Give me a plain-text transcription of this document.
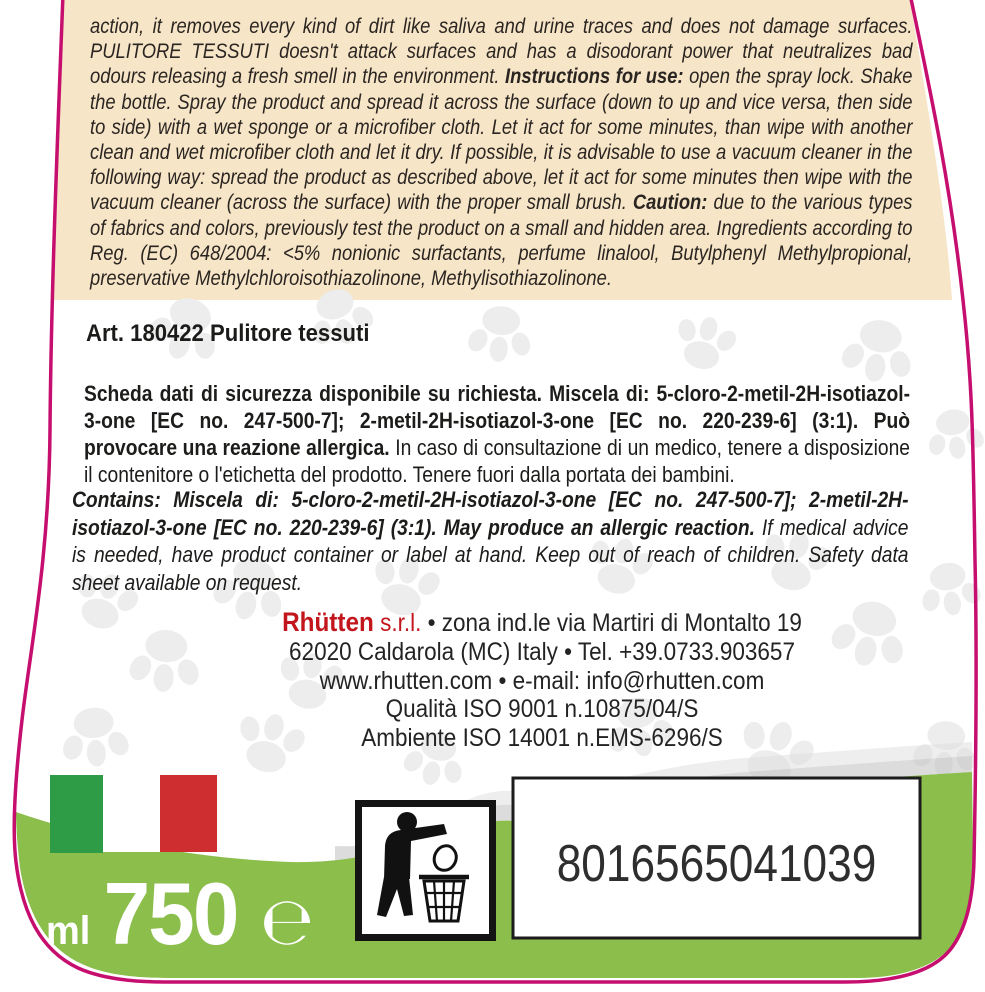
action, it removes every kind of dirt like saliva and urine traces and does not damage surfaces. PULITORE TESSUTI doesn't attack surfaces and has a disodorant power that neutralizes bad odours releasing a fresh smell in the environment. Instructions for use: open the spray lock. Shake the bottle. Spray the product and spread it across the surface (down to up and vice versa, then side to side) with a wet sponge or a microfiber cloth. Let it act for some minutes, than wipe with another clean and wet microfiber cloth and let it dry. If possible, it is advisable to use a vacuum cleaner in the following way: spread the product as described above, let it act for some minutes then wipe with the vacuum cleaner (across the surface) with the proper small brush. Caution: due to the various types of fabrics and colors, previously test the product on a small and hidden area. Ingredients according to Reg. (EC) 648/2004: <5% nonionic surfactants, perfume linalool, Butylphenyl Methylpropional, preservative Methylchloroisothiazolinone, Methylisothiazolinone.

Art. 180422 Pulitore tessuti

Scheda dati di sicurezza disponibile su richiesta. Miscela di: 5-cloro-2-metil-2H-isotiazol-3-one [EC no. 247-500-7]; 2-metil-2H-isotiazol-3-one [EC no. 220-239-6] (3:1). Può provocare una reazione allergica. In caso di consultazione di un medico, tenere a disposizione il contenitore o l'etichetta del prodotto. Tenere fuori dalla portata dei bambini.

Contains: Miscela di: 5-cloro-2-metil-2H-isotiazol-3-one [EC no. 247-500-7]; 2-metil-2H-isotiazol-3-one [EC no. 220-239-6] (3:1). May produce an allergic reaction. If medical advice is needed, have product container or label at hand. Keep out of reach of children. Safety data sheet available on request.

Rhütten s.r.l. • zona ind.le via Martiri di Montalto 19
62020 Caldarola (MC) Italy • Tel. +39.0733.903657
www.rhutten.com • e-mail: info@rhutten.com
Qualità ISO 9001 n.10875/04/S
Ambiente ISO 14001 n.EMS-6296/S
ml 750 ℮
8016565041039
